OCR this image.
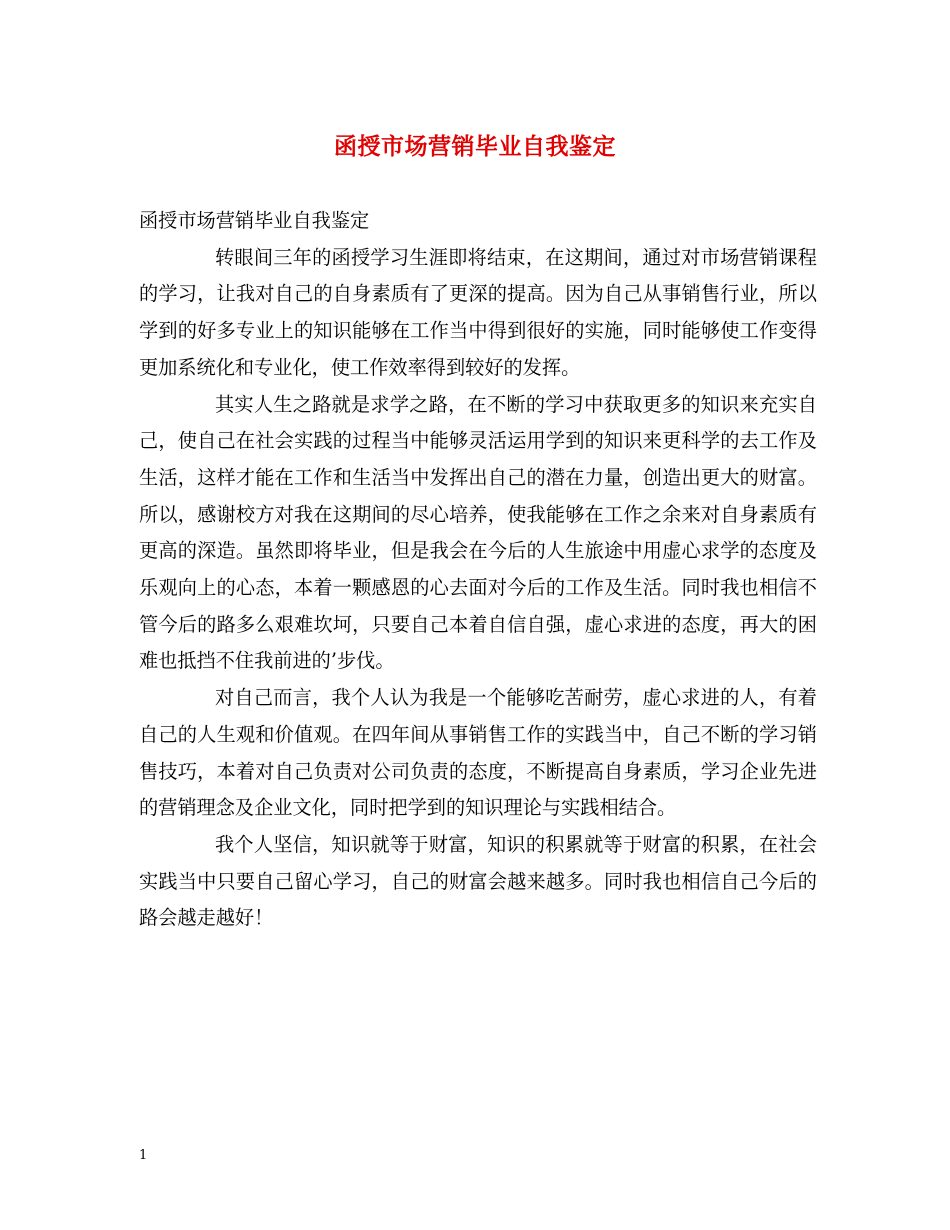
函授市场营销毕业自我鉴定

函授市场营销毕业自我鉴定

转眼间三年的函授学习生涯即将结束，在这期间，通过对市场营销课程的学习，让我对自己的自身素质有了更深的提高。因为自己从事销售行业，所以学到的好多专业上的知识能够在工作当中得到很好的实施，同时能够使工作变得更加系统化和专业化，使工作效率得到较好的发挥。

其实人生之路就是求学之路，在不断的学习中获取更多的知识来充实自己，使自己在社会实践的过程当中能够灵活运用学到的知识来更科学的去工作及生活，这样才能在工作和生活当中发挥出自己的潜在力量，创造出更大的财富。所以，感谢校方对我在这期间的尽心培养，使我能够在工作之余来对自身素质有更高的深造。虽然即将毕业，但是我会在今后的人生旅途中用虚心求学的态度及乐观向上的心态，本着一颗感恩的心去面对今后的工作及生活。同时我也相信不管今后的路多么艰难坎坷，只要自己本着自信自强，虚心求进的态度，再大的困难也抵挡不住我前进的’步伐。

对自己而言，我个人认为我是一个能够吃苦耐劳，虚心求进的人，有着自己的人生观和价值观。在四年间从事销售工作的实践当中，自己不断的学习销售技巧，本着对自己负责对公司负责的态度，不断提高自身素质，学习企业先进的营销理念及企业文化，同时把学到的知识理论与实践相结合。

我个人坚信，知识就等于财富，知识的积累就等于财富的积累，在社会实践当中只要自己留心学习，自己的财富会越来越多。同时我也相信自己今后的路会越走越好！

1
